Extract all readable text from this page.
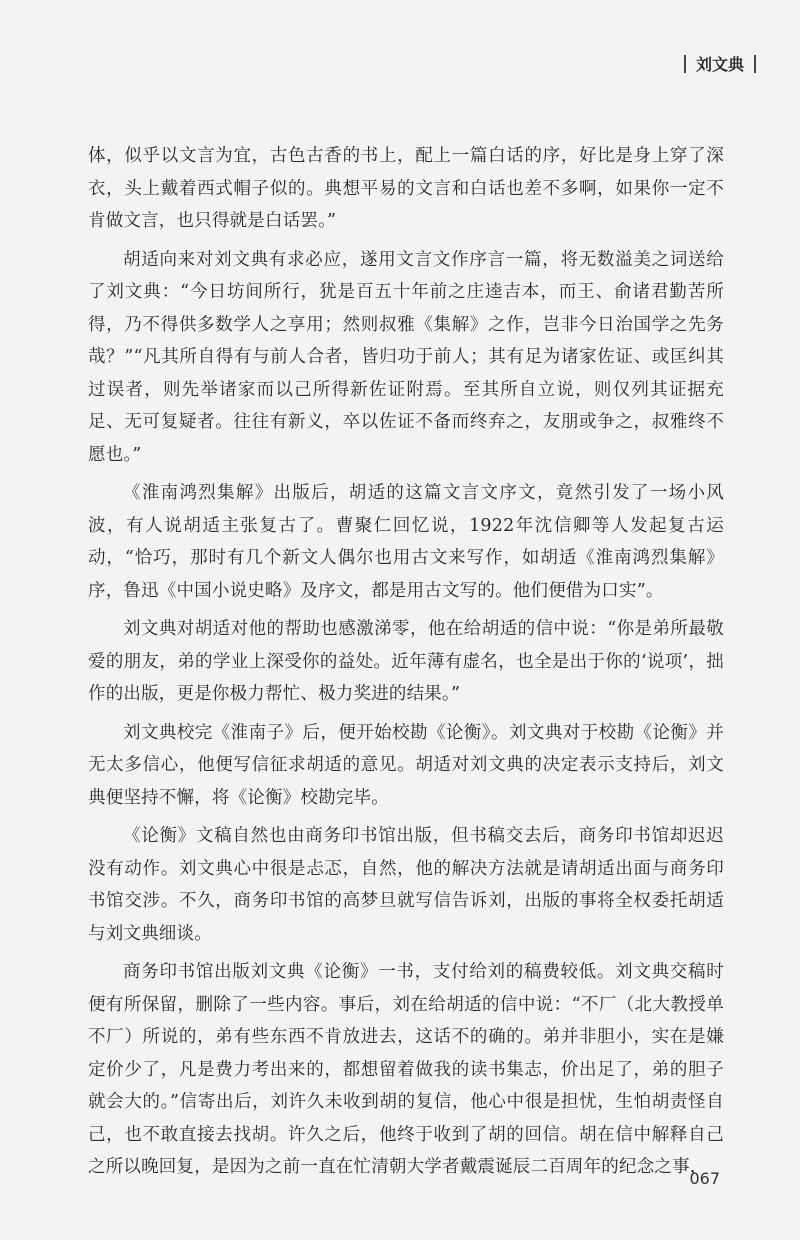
刘文典

体，似乎以文言为宜，古色古香的书上，配上一篇白话的序，好比是身上穿了深衣，头上戴着西式帽子似的。典想平易的文言和白话也差不多啊，如果你一定不肯做文言，也只得就是白话罢。”

胡适向来对刘文典有求必应，遂用文言文作序言一篇，将无数溢美之词送给了刘文典：“今日坊间所行，犹是百五十年前之庄逵吉本，而王、俞诸君勤苦所得，乃不得供多数学人之享用；然则叔雅《集解》之作，岂非今日治国学之先务哉？”“凡其所自得有与前人合者，皆归功于前人；其有足为诸家佐证、或匡纠其过误者，则先举诸家而以己所得新佐证附焉。至其所自立说，则仅列其证据充足、无可复疑者。往往有新义，卒以佐证不备而终弃之，友朋或争之，叔雅终不愿也。”

《淮南鸿烈集解》出版后，胡适的这篇文言文序文，竟然引发了一场小风波，有人说胡适主张复古了。曹聚仁回忆说，1922年沈信卿等人发起复古运动，“恰巧，那时有几个新文人偶尔也用古文来写作，如胡适《淮南鸿烈集解》序，鲁迅《中国小说史略》及序文，都是用古文写的。他们便借为口实”。

刘文典对胡适对他的帮助也感激涕零，他在给胡适的信中说：“你是弟所最敬爱的朋友，弟的学业上深受你的益处。近年薄有虚名，也全是出于你的‘说项’，拙作的出版，更是你极力帮忙、极力奖进的结果。”

刘文典校完《淮南子》后，便开始校勘《论衡》。刘文典对于校勘《论衡》并无太多信心，他便写信征求胡适的意见。胡适对刘文典的决定表示支持后，刘文典便坚持不懈，将《论衡》校勘完毕。

《论衡》文稿自然也由商务印书馆出版，但书稿交去后，商务印书馆却迟迟没有动作。刘文典心中很是忐忑，自然，他的解决方法就是请胡适出面与商务印书馆交涉。不久，商务印书馆的高梦旦就写信告诉刘，出版的事将全权委托胡适与刘文典细谈。

商务印书馆出版刘文典《论衡》一书，支付给刘的稿费较低。刘文典交稿时便有所保留，删除了一些内容。事后，刘在给胡适的信中说：“不厂（北大教授单不厂）所说的，弟有些东西不肯放进去，这话不的确的。弟并非胆小，实在是嫌定价少了，凡是费力考出来的，都想留着做我的读书集志，价出足了，弟的胆子就会大的。”信寄出后，刘许久未收到胡的复信，他心中很是担忧，生怕胡责怪自己，也不敢直接去找胡。许久之后，他终于收到了胡的回信。胡在信中解释自己之所以晚回复，是因为之前一直在忙清朝大学者戴震诞辰二百周年的纪念之事，

067
